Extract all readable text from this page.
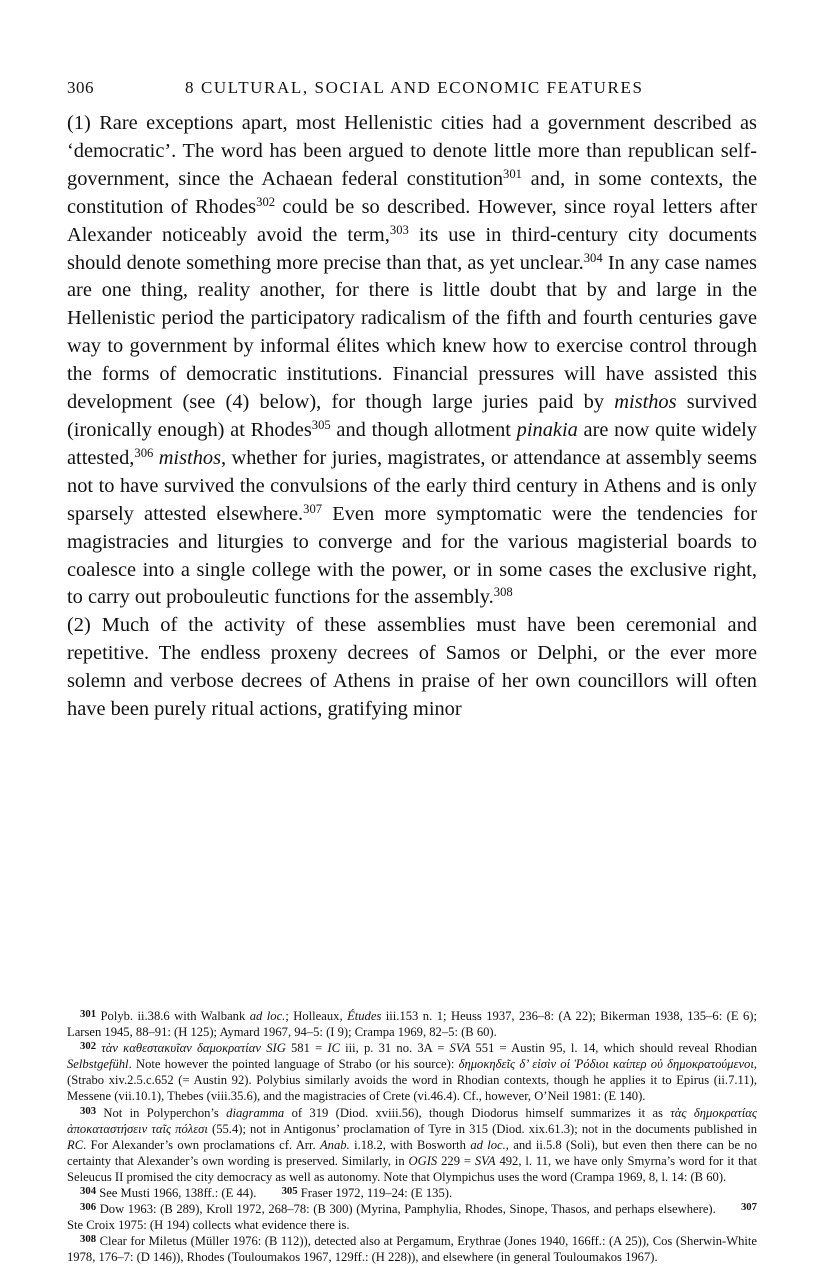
306	8 CULTURAL, SOCIAL AND ECONOMIC FEATURES

(1) Rare exceptions apart, most Hellenistic cities had a government described as ‘democratic’. The word has been argued to denote little more than republican self-government, since the Achaean federal constitution$^{301}$ and, in some contexts, the constitution of Rhodes$^{302}$ could be so described. However, since royal letters after Alexander noticeably avoid the term,$^{303}$ its use in third-century city documents should denote something more precise than that, as yet unclear.$^{304}$ In any case names are one thing, reality another, for there is little doubt that by and large in the Hellenistic period the participatory radicalism of the fifth and fourth centuries gave way to government by informal élites which knew how to exercise control through the forms of democratic institutions. Financial pressures will have assisted this development (see (4) below), for though large juries paid by misthos survived (ironically enough) at Rhodes$^{305}$ and though allotment pinakia are now quite widely attested,$^{306}$ misthos, whether for juries, magistrates, or attendance at assembly seems not to have survived the convulsions of the early third century in Athens and is only sparsely attested elsewhere.$^{307}$ Even more symptomatic were the tendencies for magistracies and liturgies to converge and for the various magisterial boards to coalesce into a single college with the power, or in some cases the exclusive right, to carry out probouleutic functions for the assembly.$^{308}$

(2) Much of the activity of these assemblies must have been ceremonial and repetitive. The endless proxeny decrees of Samos or Delphi, or the ever more solemn and verbose decrees of Athens in praise of her own councillors will often have been purely ritual actions, gratifying minor

301 Polyb. ii.38.6 with Walbank ad loc.; Holleaux, Études iii.153 n. 1; Heuss 1937, 236–8: (A 22); Bikerman 1938, 135–6: (E 6); Larsen 1945, 88–91: (H 125); Aymard 1967, 94–5: (I 9); Crampa 1969, 82–5: (B 60).

302 τὰν καθεστακυῖαν δαμοκρατίαν SIG 581 = IC iii, p. 31 no. 3A = SVA 551 = Austin 95, l. 14, which should reveal Rhodian Selbstgefühl. Note however the pointed language of Strabo (or his source): δημοκηδεῖς δ’ εἰσὶν οἱ Ῥόδιοι καίπερ οὐ δημοκρατούμενοι, (Strabo xiv.2.5.c.652 (= Austin 92). Polybius similarly avoids the word in Rhodian contexts, though he applies it to Epirus (ii.7.11), Messene (vii.10.1), Thebes (viii.35.6), and the magistracies of Crete (vi.46.4). Cf., however, O’Neil 1981: (E 140).

303 Not in Polyperchon’s diagramma of 319 (Diod. xviii.56), though Diodorus himself summarizes it as τὰς δημοκρατίας ἀποκαταστήσειν ταῖς πόλεσι (55.4); not in Antigonus’ proclamation of Tyre in 315 (Diod. xix.61.3); not in the documents published in RC. For Alexander’s own proclamations cf. Arr. Anab. i.18.2, with Bosworth ad loc., and ii.5.8 (Soli), but even then there can be no certainty that Alexander’s own wording is preserved. Similarly, in OGIS 229 = SVA 492, l. 11, we have only Smyrna’s word for it that Seleucus II promised the city democracy as well as autonomy. Note that Olympichus uses the word (Crampa 1969, 8, l. 14: (B 60).

304 See Musti 1966, 138ff.: (E 44).   305 Fraser 1972, 119–24: (E 135).

306 Dow 1963: (B 289), Kroll 1972, 268–78: (B 300) (Myrina, Pamphylia, Rhodes, Sinope, Thasos, and perhaps elsewhere).   307 Ste Croix 1975: (H 194) collects what evidence there is.

308 Clear for Miletus (Müller 1976: (B 112)), detected also at Pergamum, Erythrae (Jones 1940, 166ff.: (A 25)), Cos (Sherwin-White 1978, 176–7: (D 146)), Rhodes (Touloumakos 1967, 129ff.: (H 228)), and elsewhere (in general Touloumakos 1967).
